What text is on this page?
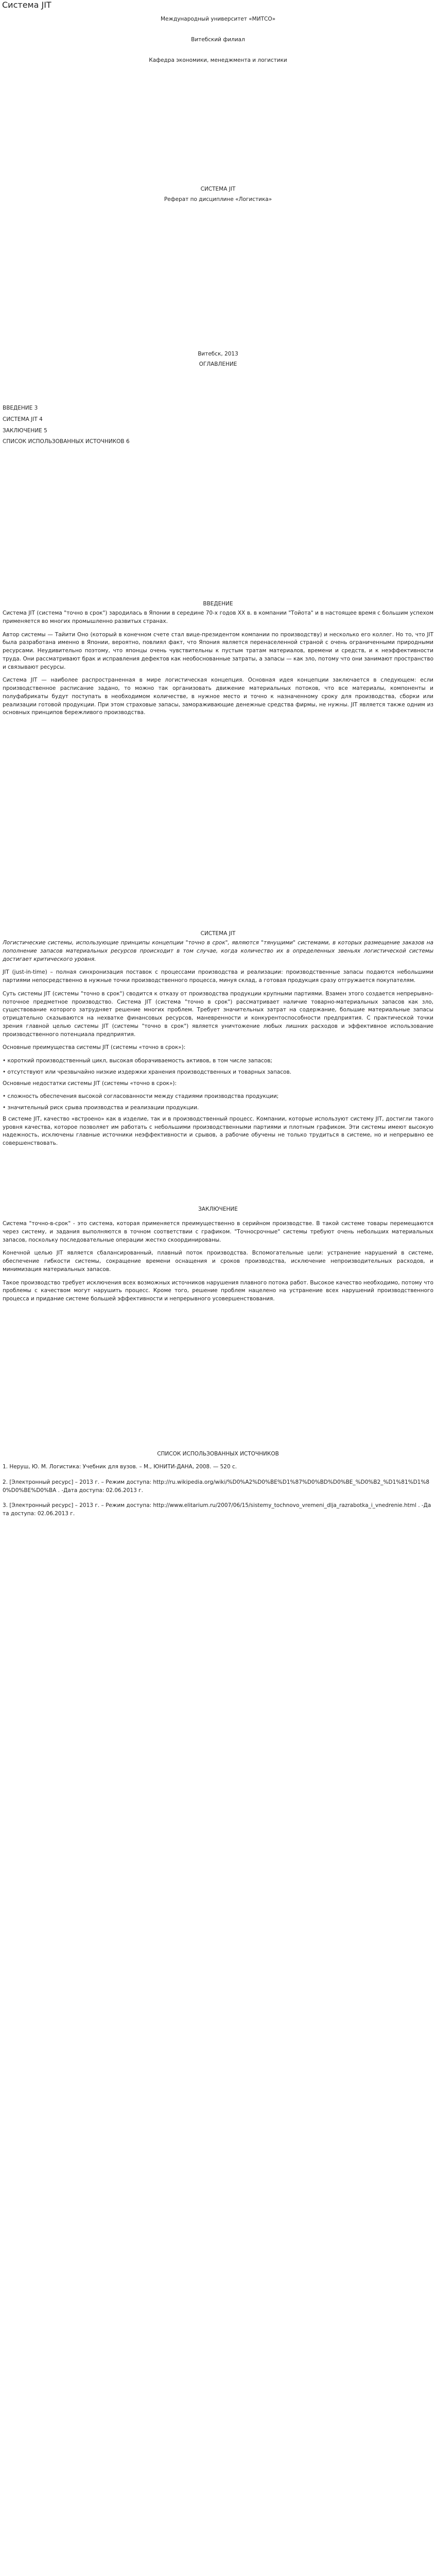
Система JIT
Международный университет «МИТСО»
Витебский филиал
Кафедра экономики, менеджмента и логистики
СИСТЕМА JIT
Реферат по дисциплине «Логистика»
Витебск, 2013
ОГЛАВЛЕНИЕ
ВВЕДЕНИЕ 3
СИСТЕМА JIT 4
ЗАКЛЮЧЕНИЕ 5
СПИСОК ИСПОЛЬЗОВАННЫХ ИСТОЧНИКОВ 6
ВВЕДЕНИЕ

Система JIT (система "точно в срок") зародилась в Японии в середине 70-х годов XX в. в компании "Тойота" и в настоящее время с большим успехом применяется во многих промышленно развитых странах.

Автор системы — Тайити Оно (который в конечном счете стал вице-президентом компании по производству) и несколько его коллег. Но то, что JIT была разработана именно в Японии, вероятно, повлиял факт, что Япония является перенаселенной страной с очень ограниченными природными ресурсами. Неудивительно поэтому, что японцы очень чувствительны к пустым тратам материалов, времени и средств, и к неэффективности труда. Они рассматривают брак и исправления дефектов как необоснованные затраты, а запасы — как зло, потому что они занимают пространство и связывают ресурсы.

Система JIT — наиболее распространенная в мире логистическая концепция. Основная идея концепции заключается в следующем: если производственное расписание задано, то можно так организовать движение материальных потоков, что все материалы, компоненты и полуфабрикаты будут поступать в необходимом количестве, в нужное место и точно к назначенному сроку для производства, сборки или реализации готовой продукции. При этом страховые запасы, замораживающие денежные средства фирмы, не нужны. JIT является также одним из основных принципов бережливого производства.

СИСТЕМА JIT

Логистические системы, использующие принципы концепции "точно в срок", являются "тянущими" системами, в которых размещение заказов на пополнение запасов материальных ресурсов происходит в том случае, когда количество их в определенных звеньях логистической системы достигает критического уровня.

JIT (just-in-time) – полная синхронизация поставок с процессами производства и реализации: производственные запасы подаются небольшими партиями непосредственно в нужные точки производственного процесса, минуя склад, а готовая продукция сразу отгружается покупателям.

Суть системы JIT (системы "точно в срок") сводится к отказу от производства продукции крупными партиями. Взамен этого создается непрерывно-поточное предметное производство. Система JIT (система "точно в срок") рассматривает наличие товарно-материальных запасов как зло, существование которого затрудняет решение многих проблем. Требует значительных затрат на содержание, большие материальные запасы отрицательно сказываются на нехватке финансовых ресурсов, маневренности и конкурентоспособности предприятия. С практической точки зрения главной целью системы JIT (системы "точно в срок") является уничтожение любых лишних расходов и эффективное использование производственного потенциала предприятия.

Основные преимущества системы JIT (системы «точно в срок»):

• короткий производственный цикл, высокая оборачиваемость активов, в том числе запасов;

• отсутствуют или чрезвычайно низкие издержки хранения производственных и товарных запасов.

Основные недостатки системы JIT (системы «точно в срок»):

• сложность обеспечения высокой согласованности между стадиями производства продукции;

• значительный риск срыва производства и реализации продукции.

В системе JIT, качество «встроено» как в изделие, так и в производственный процесс. Компании, которые используют систему JIT, достигли такого уровня качества, которое позволяет им работать с небольшими производственными партиями и плотным графиком. Эти системы имеют высокую надежность, исключены главные источники неэффективности и срывов, а рабочие обучены не только трудиться в системе, но и непрерывно ее совершенствовать.

ЗАКЛЮЧЕНИЕ

Система "точно-в-срок" - это система, которая применяется преимущественно в серийном производстве. В такой системе товары перемещаются через систему, и задания выполняются в точном соответствии с графиком. "Точносрочные" системы требуют очень небольших материальных запасов, поскольку последовательные операции жестко скоординированы.

Конечной целью JIT является сбалансированный, плавный поток производства. Вспомогательные цели: устранение нарушений в системе, обеспечение гибкости системы, сокращение времени оснащения и сроков производства, исключение непроизводительных расходов, и минимизация материальных запасов.

Такое производство требует исключения всех возможных источников нарушения плавного потока работ. Высокое качество необходимо, потому что проблемы с качеством могут нарушить процесс. Кроме того, решение проблем нацелено на устранение всех нарушений производственного процесса и придание системе большей эффективности и непрерывного усовершенствования.

СПИСОК ИСПОЛЬЗОВАННЫХ ИСТОЧНИКОВ

1. Неруш, Ю. М. Логистика: Учебник для вузов. – М., ЮНИТИ-ДАНА, 2008. — 520 с.

2. [Электронный ресурс] – 2013 г. – Режим доступа: http://ru.wikipedia.org/wiki/%D0%A2%D0%BE%D1%87%D0%BD%D0%BE_%D0%B2_%D1%81%D1%80%D0%BE%D0%BA . -Дата доступа: 02.06.2013 г.

3. [Электронный ресурс] – 2013 г. – Режим доступа: http://www.elitarium.ru/2007/06/15/sistemy_tochnovo_vremeni_dlja_razrabotka_i_vnedrenie.html . -Дата доступа: 02.06.2013 г.
